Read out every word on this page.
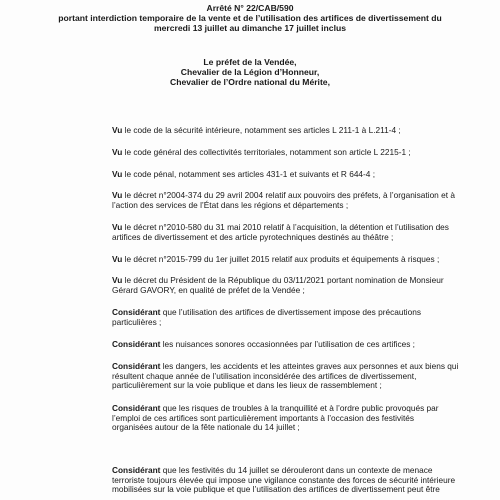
Arrêté N° 22/CAB/590
portant interdiction temporaire de la vente et de l’utilisation des artifices de divertissement du
mercredi 13 juillet au dimanche 17 juillet inclus
Le préfet de la Vendée,
Chevalier de la Légion d’Honneur,
Chevalier de l’Ordre national du Mérite,
Vu le code de la sécurité intérieure, notamment ses articles L 211-1 à L.211-4 ;
Vu le code général des collectivités territoriales, notamment son article L 2215-1 ;
Vu le code pénal, notamment ses articles 431-1 et suivants et R 644-4 ;
Vu le décret n°2004-374 du 29 avril 2004 relatif aux pouvoirs des préfets, à l’organisation et à
l’action des services de l’État dans les régions et départements ;
Vu le décret n°2010-580 du 31 mai 2010 relatif à l’acquisition, la détention et l’utilisation des
artifices de divertissement et des article pyrotechniques destinés au théâtre ;
Vu le décret n°2015-799 du 1er juillet 2015 relatif aux produits et équipements à risques ;
Vu le décret du Président de la République du 03/11/2021 portant nomination de Monsieur
Gérard GAVORY, en qualité de préfet de la Vendée ;
Considérant que l’utilisation des artifices de divertissement impose des précautions
particulières ;
Considérant les nuisances sonores occasionnées par l’utilisation de ces artifices ;
Considérant les dangers, les accidents et les atteintes graves aux personnes et aux biens qui
résultent chaque année de l’utilisation inconsidérée des artifices de divertissement,
particulièrement sur la voie publique et dans les lieux de rassemblement ;
Considérant que les risques de troubles à la tranquillité et à l’ordre public provoqués par
l’emploi de ces artifices sont particulièrement importants à l’occasion des festivités
organisées autour de la fête nationale du 14 juillet ;
Considérant que les festivités du 14 juillet se dérouleront dans un contexte de menace
terroriste toujours élevée qui impose une vigilance constante des forces de sécurité intérieure
mobilisées sur la voie publique et que l’utilisation des artifices de divertissement peut être
